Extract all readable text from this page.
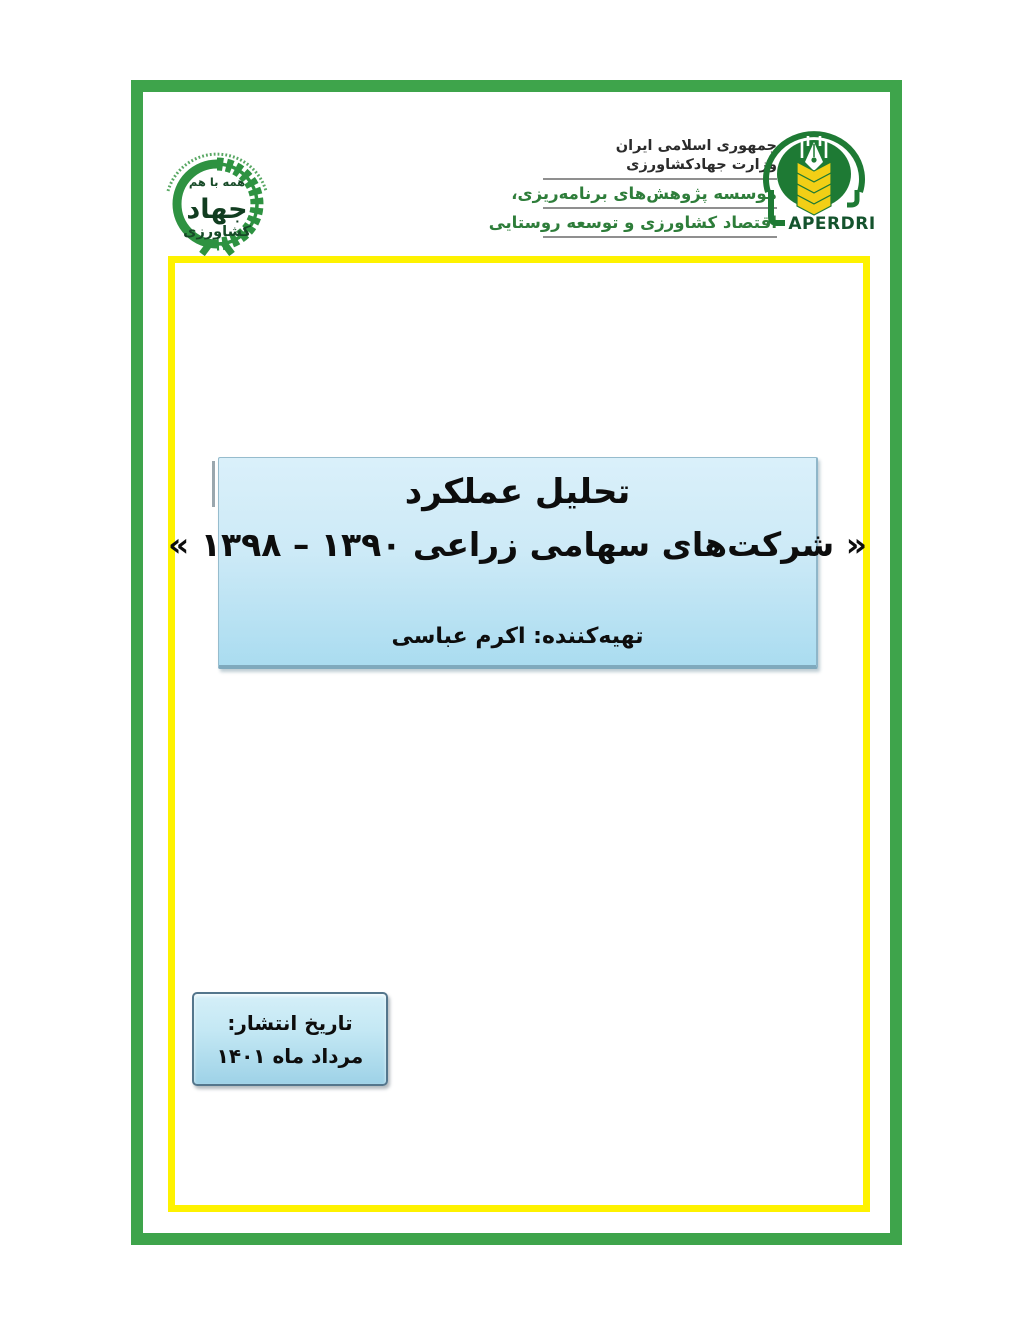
همه با هم
جهاد
کشاورزی
جمهوری اسلامی ایران
وزارت جهادکشاورزی
موسسه پژوهش‌های برنامه‌ریزی،
اقتصاد کشاورزی و توسعه روستایی APERDRI
تحلیل عملکرد
« شرکت‌های سهامی زراعی ۱۳۹۰ – ۱۳۹۸ »
تهیه‌کننده: اکرم عباسی
تاریخ انتشار:
مرداد ماه ۱۴۰۱
